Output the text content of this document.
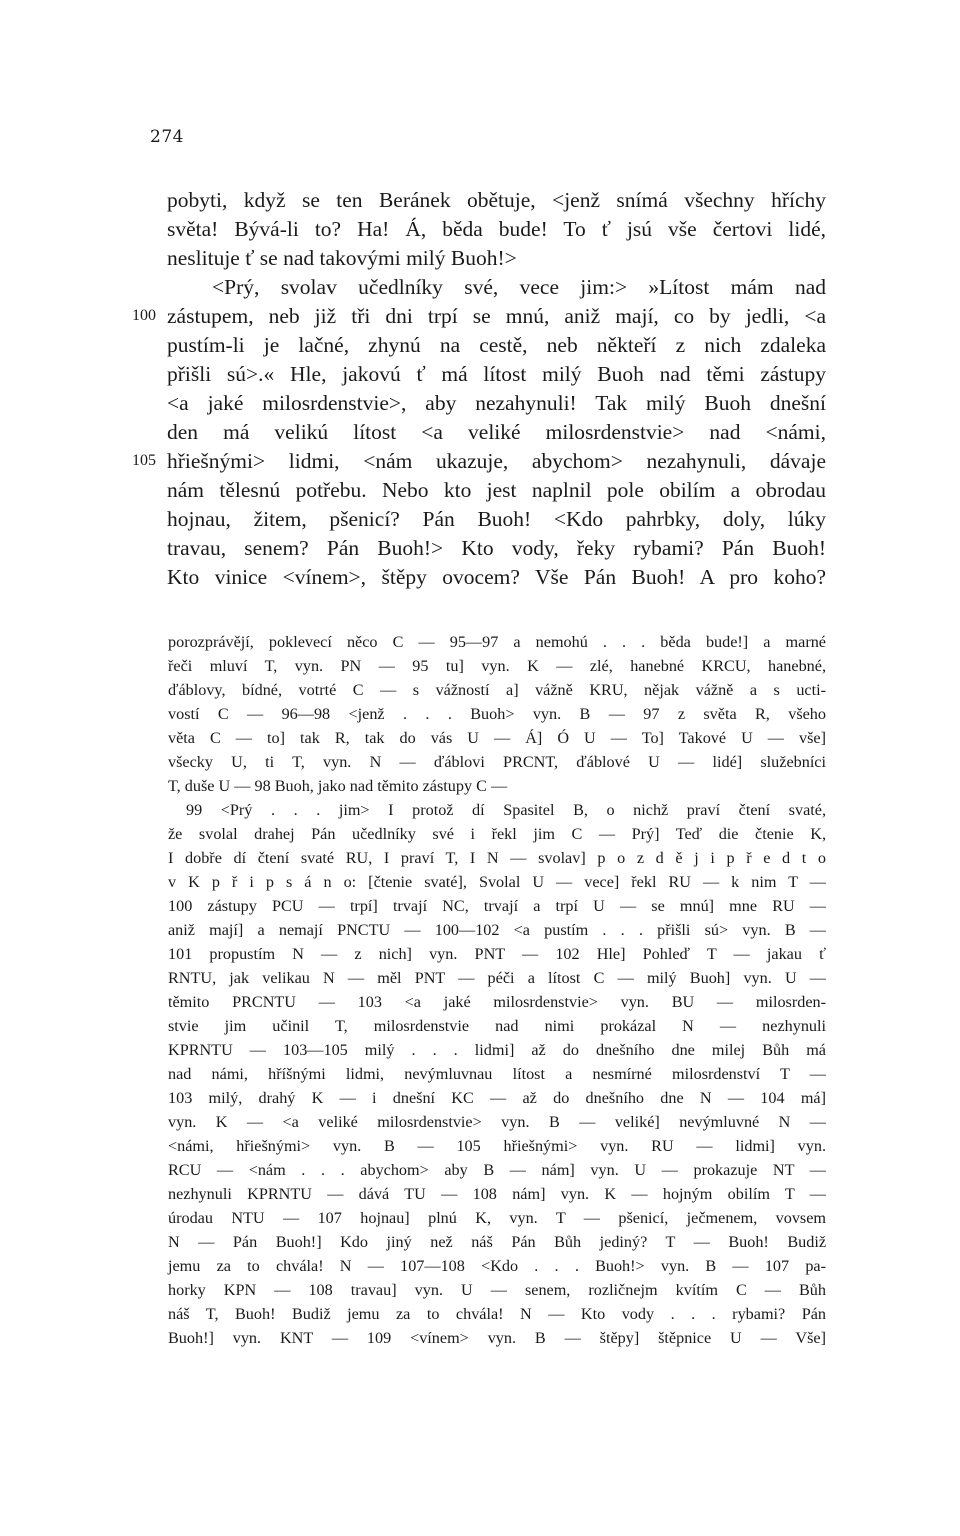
274
pobyti, když se ten Beránek obětuje, <jenž snímá všechny hříchy
světa! Bývá-li to? Ha! Á, běda bude! To ť jsú vše čertovi lidé,
nеslituje ť se nad takovými milý Buoh!>
<Prý, svolav učedlníky své, vece jim:> »Lítost mám nad
100 zástupem, neb již tři dni trpí se mnú, aniž mají, co by jedli, <a
pustím-li je lačné, zhynú na cestě, neb někteří z nich zdaleka
přišli sú>.« Hle, jakovú ť má lítost milý Buoh nad těmi zástupy
<a jaké milosrdenstvie>, aby nezahynuli! Tak milý Buoh dnešní
den má velikú lítost <a veliké milosrdenstvie> nad <námi,
105 hřiešnými> lidmi, <nám ukazuje, abychom> nezahynuli, dávaje
nám tělesnú potřebu. Nebo kto jest naplnil pole obilím a obrodau
hojnau, žitem, pšenicí? Pán Buoh! <Kdo pahrbky, doly, lúky
travau, senem? Pán Buoh!> Kto vody, řeky rybami? Pán Buoh!
Kto vinice <vínem>, štěpy ovocem? Vše Pán Buoh! A pro koho?
porozprávějí, poklevecí něco C — 95—97 a nemohú . . . běda bude!] a marné
řeči mluví T, vyn. PN — 95 tu] vyn. K — zlé, hanebné KRCU, hanebné,
ďáblovy, bídné, votrté C — s vážností a] vážně KRU, nějak vážně a s ucti-
vostí C — 96—98 <jenž . . . Buoh> vyn. B — 97 z světa R, všeho
věta C — to] tak R, tak do vás U — Á] Ó U — To] Takové U — vše]
všecky U, ti T, vyn. N — ďáblovi PRCNT, ďáblové U — lidé] služebníci
T, duše U — 98 Buoh, jako nad těmito zástupy C —
99 <Prý . . . jim> I protož dí Spasitel B, o nichž praví čtení svaté,
že svolal drahej Pán učedlníky své i řekl jim C — Prý] Teď die čtenie K,
I dobře dí čtení svaté RU, I praví T, I N — svolav] p o z d ě j i p ř e d t o
v K p ř i p s á n o: [čtenie svaté], Svolal U — vece] řekl RU — k nim T —
100 zástupy PCU — trpí] trvají NC, trvají a trpí U — se mnú] mne RU —
aniž mají] a nemají PNCTU — 100—102 <a pustím . . . přišli sú> vyn. B —
101 propustím N — z nich] vyn. PNT — 102 Hle] Pohleď T — jakau ť
RNTU, jak velikau N — měl PNT — péči a lítost C — milý Buoh] vyn. U —
těmito PRCNTU — 103 <a jaké milosrdenstvie> vyn. BU — milosrden-
stvie jim učinil T, milosrdenstvie nad nimi prokázal N — nezhynuli
KPRNTU — 103—105 milý . . . lidmi] až do dnešního dne milej Bůh má
nad námi, hříšnými lidmi, nevýmluvnau lítost a nesmírné milosrdenství T —
103 milý, drahý K — i dnešní KC — až do dnešního dne N — 104 má]
vyn. K — <a veliké milosrdenstvie> vyn. B — veliké] nevýmluvné N —
<námi, hřiešnými> vyn. B — 105 hřiešnými> vyn. RU — lidmi] vyn.
RCU — <nám . . . abychom> aby B — nám] vyn. U — prokazuje NT —
nezhynuli KPRNTU — dává TU — 108 nám] vyn. K — hojným obilím T —
úrodau NTU — 107 hojnau] plnú K, vyn. T — pšenicí, ječmenem, vovsem
N — Pán Buoh!] Kdo jiný než náš Pán Bůh jediný? T — Buoh! Budiž
jemu za to chvála! N — 107—108 <Kdo . . . Buoh!> vyn. B — 107 pa-
horky KPN — 108 travau] vyn. U — senem, rozličnejm kvítím C — Bůh
náš T, Buoh! Budiž jemu za to chvála! N — Kto vody . . . rybami? Pán
Buoh!] vyn. KNT — 109 <vínem> vyn. B — štěpy] štěpnice U — Vše]
